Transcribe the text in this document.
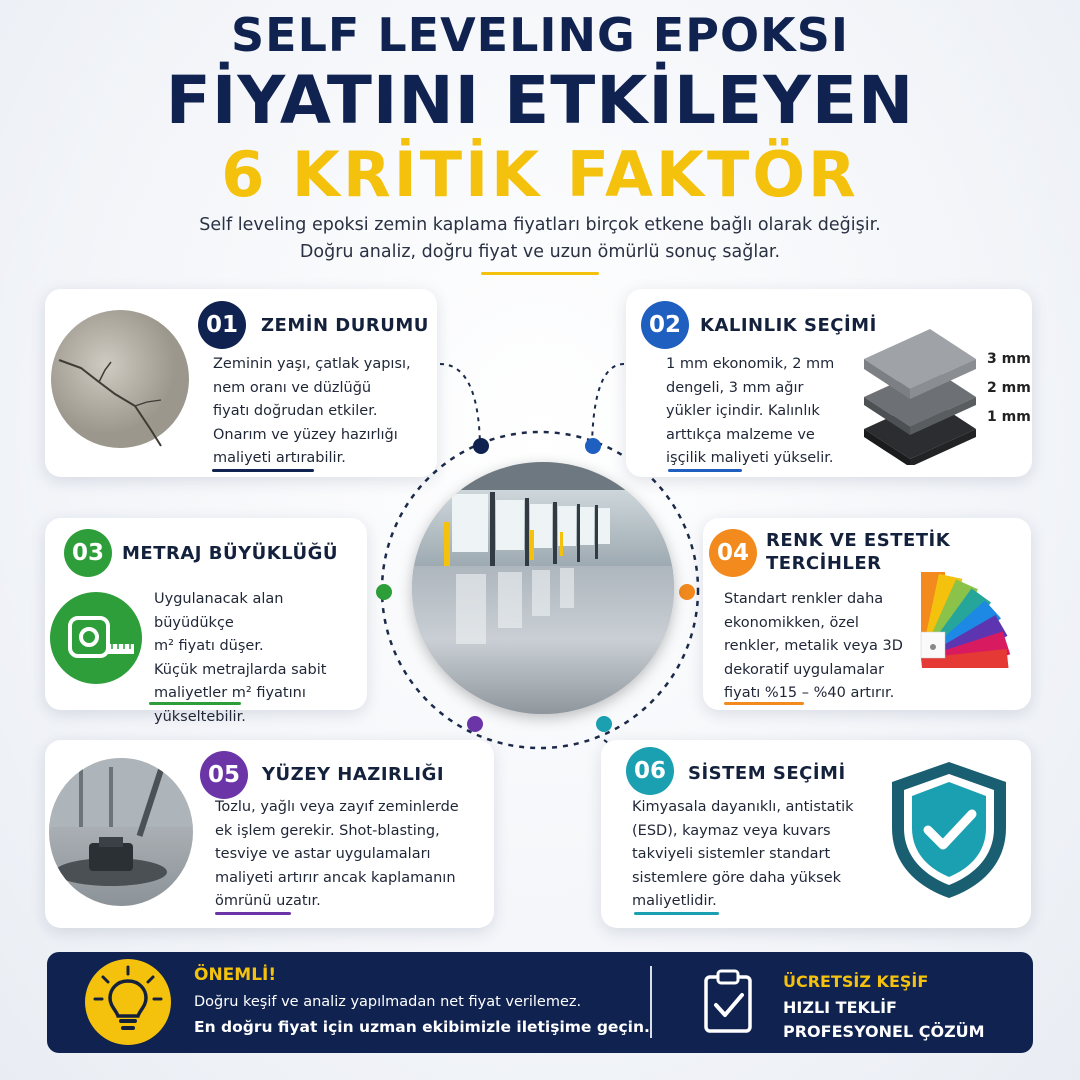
SELF LEVELING EPOKSI
FİYATINI ETKİLEYEN
6 KRİTİK FAKTÖR
Self leveling epoksi zemin kaplama fiyatları birçok etkene bağlı olarak değişir.
Doğru analiz, doğru fiyat ve uzun ömürlü sonuç sağlar.
01	ZEMİN DURUMU
Zeminin yaşı, çatlak yapısı,
nem oranı ve düzlüğü
fiyatı doğrudan etkiler.
Onarım ve yüzey hazırlığı
maliyeti artırabilir.
02	KALINLIK SEÇİMİ
1 mm ekonomik, 2 mm
dengeli, 3 mm ağır
yükler içindir. Kalınlık
arttıkça malzeme ve
işçilik maliyeti yükselir.
3 mm
2 mm
1 mm
03	METRAJ BÜYÜKLÜĞÜ
Uygulanacak alan büyüdükçe
m² fiyatı düşer.
Küçük metrajlarda sabit
maliyetler m² fiyatını
yükseltebilir.
04 RENK VE ESTETİK
TERCİHLER
Standart renkler daha
ekonomikken, özel
renkler, metalik veya 3D
dekoratif uygulamalar
fiyatı %15 – %40 artırır.
05	YÜZEY HAZIRLIĞI
Tozlu, yağlı veya zayıf zeminlerde
ek işlem gerekir. Shot-blasting,
tesviye ve astar uygulamaları
maliyeti artırır ancak kaplamanın
ömrünü uzatır.
06	SİSTEM SEÇİMİ
Kimyasala dayanıklı, antistatik
(ESD), kaymaz veya kuvars
takviyeli sistemler standart
sistemlere göre daha yüksek
maliyetlidir.
ÖNEMLİ!
Doğru keşif ve analiz yapılmadan net fiyat verilemez.
En doğru fiyat için uzman ekibimizle iletişime geçin.
ÜCRETSİZ KEŞİF
HIZLI TEKLİF
PROFESYONEL ÇÖZÜM
